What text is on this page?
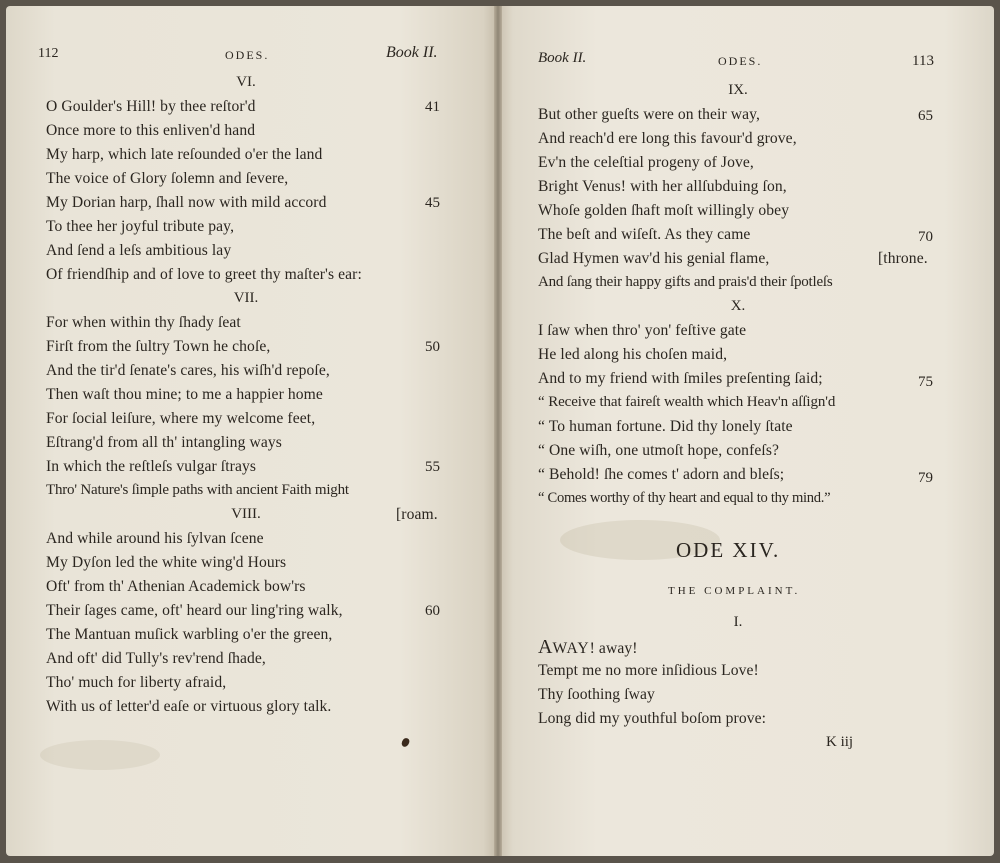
112	ODES.	Book II.
VI.
O Goulder's Hill! by thee reſtor'd	41
Once more to this enliven'd hand
My harp, which late reſounded o'er the land
The voice of Glory ſolemn and ſevere,
My Dorian harp, ſhall now with mild accord	45
To thee her joyful tribute pay,
And ſend a leſs ambitious lay
Of friendſhip and of love to greet thy maſter's ear:
VII.
For when within thy ſhady ſeat
Firſt from the ſultry Town he choſe,	50
And the tir'd ſenate's cares, his wiſh'd repoſe,
Then waſt thou mine; to me a happier home
For ſocial leiſure, where my welcome feet,
Eſtrang'd from all th' intangling ways
In which the reſtleſs vulgar ſtrays	55
Thro' Nature's ſimple paths with ancient Faith might
VIII.	[roam.
And while around his ſylvan ſcene
My Dyſon led the white wing'd Hours
Oft' from th' Athenian Academick bow'rs
Their ſages came, oft' heard our ling'ring walk,	60
The Mantuan muſick warbling o'er the green,
And oft' did Tully's rev'rend ſhade,
Tho' much for liberty afraid,
With us of letter'd eaſe or virtuous glory talk.
Book II.	ODES.	113
IX.
But other gueſts were on their way,	65
And reach'd ere long this favour'd grove,
Ev'n the celeſtial progeny of Jove,
Bright Venus! with her allſubduing ſon,
Whoſe golden ſhaft moſt willingly obey
The beſt and wiſeſt. As they came	70
Glad Hymen wav'd his genial flame,	[throne.
And ſang their happy gifts and prais'd their ſpotleſs
X.
I ſaw when thro' yon' feſtive gate
He led along his choſen maid,
And to my friend with ſmiles preſenting ſaid;	75
“ Receive that faireſt wealth which Heav'n aſſign'd
“ To human fortune. Did thy lonely ſtate
“ One wiſh, one utmoſt hope, confeſs?
“ Behold! ſhe comes t' adorn and bleſs;	79
“ Comes worthy of thy heart and equal to thy mind.”
ODE XIV.
THE COMPLAINT.
I.
AWAY! away!
Tempt me no more inſidious Love!
Thy ſoothing ſway
Long did my youthful boſom prove:
K iij
